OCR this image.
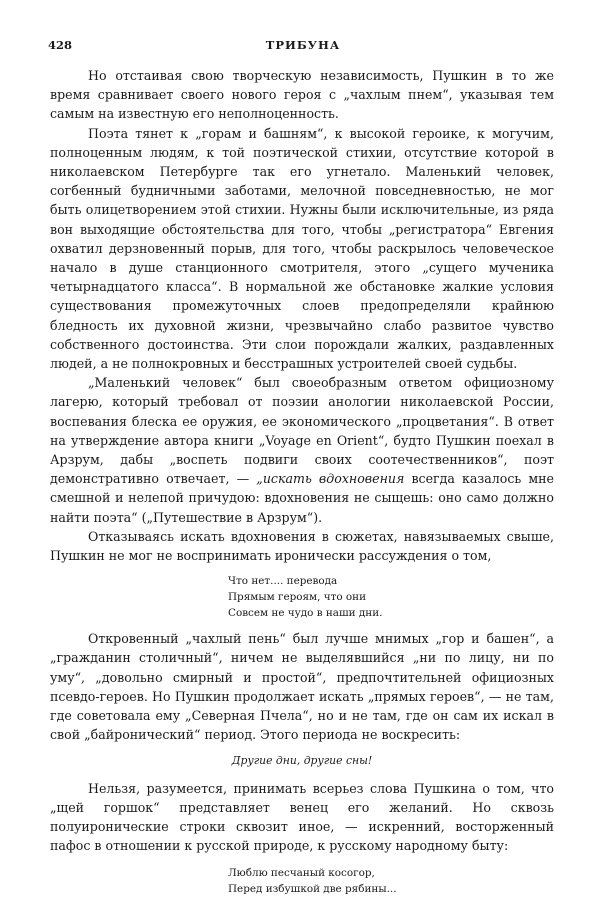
428	ТРИБУНА

Но отстаивая свою творческую независимость, Пушкин в то же время сравнивает своего нового героя с „чахлым пнем“, указывая тем самым на известную его неполноценность.

Поэта тянет к „горам и башням“, к высокой героике, к могучим, полноценным людям, к той поэтической стихии, отсутствие которой в николаевском Петербурге так его угнетало. Маленький человек, согбенный будничными заботами, мелочной повседневностью, не мог быть олицетворением этой стихии. Нужны были исключительные, из ряда вон выходящие обстоятельства для того, чтобы „регистратора“ Евгения охватил дерзновенный порыв, для того, чтобы раскрылось человеческое начало в душе станционного смотрителя, этого „сущего мученика четырнадцатого класса“. В нормальной же обстановке жалкие условия существования промежуточных слоев предопределяли крайнюю бледность их духовной жизни, чрезвычайно слабо развитое чувство собственного достоинства. Эти слои порождали жалких, раздавленных людей, а не полнокровных и бесстрашных устроителей своей судьбы.

„Маленький человек“ был своеобразным ответом официозному лагерю, который требовал от поэзии анологии николаевской России, воспевания блеска ее оружия, ее экономического „процветания“. В ответ на утверждение автора книги „Voyage en Orient“, будто Пушкин поехал в Арзрум, дабы „воспеть подвиги своих соотечественников“, поэт демонстративно отвечает, — „искать вдохновения всегда казалось мне смешной и нелепой причудою: вдохновения не сыщешь: оно само должно найти поэта“ („Путешествие в Арзрум“).

Отказываясь искать вдохновения в сюжетах, навязываемых свыше, Пушкин не мог не воспринимать иронически рассуждения о том,

Что нет.... перевода
Прямым героям, что они
Совсем не чудо в наши дни.

Откровенный „чахлый пень“ был лучше мнимых „гор и башен“, а „гражданин столичный“, ничем не выделявшийся „ни по лицу, ни по уму“, „довольно смирный и простой“, предпочтительней официозных псевдо-героев. Но Пушкин продолжает искать „прямых героев“, — не там, где советовала ему „Северная Пчела“, но и не там, где он сам их искал в свой „байронический“ период. Этого периода не воскресить:

Другие дни, другие сны!

Нельзя, разумеется, принимать всерьез слова Пушкина о том, что „щей горшок“ представляет венец его желаний. Но сквозь полуиронические строки сквозит иное, — искренний, восторженный пафос в отношении к русской природе, к русскому народному быту:

Люблю песчаный косогор,
Перед избушкой две рябины...
